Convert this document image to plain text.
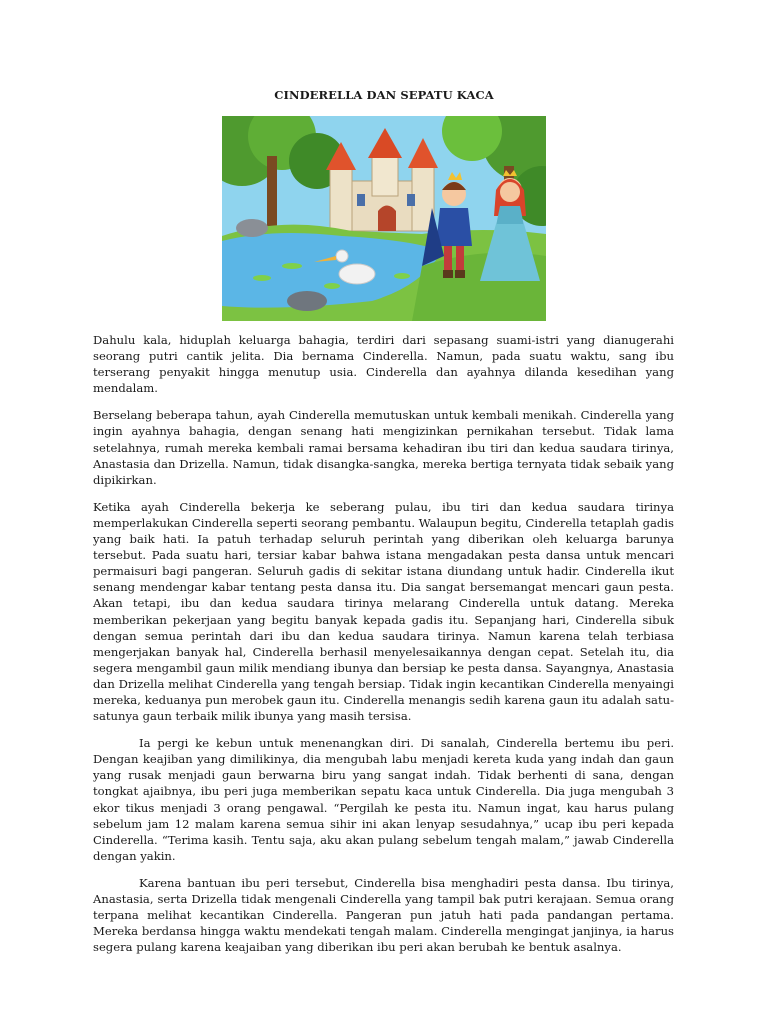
CINDERELLA DAN SEPATU KACA

Dahulu kala, hiduplah keluarga bahagia, terdiri dari sepasang suami-istri yang dianugerahi seorang putri cantik jelita. Dia bernama Cinderella. Namun, pada suatu waktu, sang ibu terserang penyakit hingga menutup usia. Cinderella dan ayahnya dilanda kesedihan yang mendalam.

Berselang beberapa tahun, ayah Cinderella memutuskan untuk kembali menikah. Cinderella yang ingin ayahnya bahagia, dengan senang hati mengizinkan pernikahan tersebut. Tidak lama setelahnya, rumah mereka kembali ramai bersama kehadiran ibu tiri dan kedua saudara tirinya, Anastasia dan Drizella. Namun, tidak disangka-sangka, mereka bertiga ternyata tidak sebaik yang dipikirkan.

Ketika ayah Cinderella bekerja ke seberang pulau, ibu tiri dan kedua saudara tirinya memperlakukan Cinderella seperti seorang pembantu. Walaupun begitu, Cinderella tetaplah gadis yang baik hati. Ia patuh terhadap seluruh perintah yang diberikan oleh keluarga barunya tersebut. Pada suatu hari, tersiar kabar bahwa istana mengadakan pesta dansa untuk mencari permaisuri bagi pangeran. Seluruh gadis di sekitar istana diundang untuk hadir. Cinderella ikut senang mendengar kabar tentang pesta dansa itu. Dia sangat bersemangat mencari gaun pesta. Akan tetapi, ibu dan kedua saudara tirinya melarang Cinderella untuk datang. Mereka memberikan pekerjaan yang begitu banyak kepada gadis itu. Sepanjang hari, Cinderella sibuk dengan semua perintah dari ibu dan kedua saudara tirinya. Namun karena telah terbiasa mengerjakan banyak hal, Cinderella berhasil menyelesaikannya dengan cepat. Setelah itu, dia segera mengambil gaun milik mendiang ibunya dan bersiap ke pesta dansa. Sayangnya, Anastasia dan Drizella melihat Cinderella yang tengah bersiap. Tidak ingin kecantikan Cinderella menyaingi mereka, keduanya pun merobek gaun itu. Cinderella menangis sedih karena gaun itu adalah satu-satunya gaun terbaik milik ibunya yang masih tersisa.

Ia pergi ke kebun untuk menenangkan diri. Di sanalah, Cinderella bertemu ibu peri. Dengan keajiban yang dimilikinya, dia mengubah labu menjadi kereta kuda yang indah dan gaun yang rusak menjadi gaun berwarna biru yang sangat indah. Tidak berhenti di sana, dengan tongkat ajaibnya, ibu peri juga memberikan sepatu kaca untuk Cinderella. Dia juga mengubah 3 ekor tikus menjadi 3 orang pengawal. “Pergilah ke pesta itu. Namun ingat, kau harus pulang sebelum jam 12 malam karena semua sihir ini akan lenyap sesudahnya,” ucap ibu peri kepada Cinderella. “Terima kasih. Tentu saja, aku akan pulang sebelum tengah malam,” jawab Cinderella dengan yakin.

Karena bantuan ibu peri tersebut, Cinderella bisa menghadiri pesta dansa. Ibu tirinya, Anastasia, serta Drizella tidak mengenali Cinderella yang tampil bak putri kerajaan. Semua orang terpana melihat kecantikan Cinderella. Pangeran pun jatuh hati pada pandangan pertama. Mereka berdansa hingga waktu mendekati tengah malam. Cinderella mengingat janjinya, ia harus segera pulang karena keajaiban yang diberikan ibu peri akan berubah ke bentuk asalnya.
